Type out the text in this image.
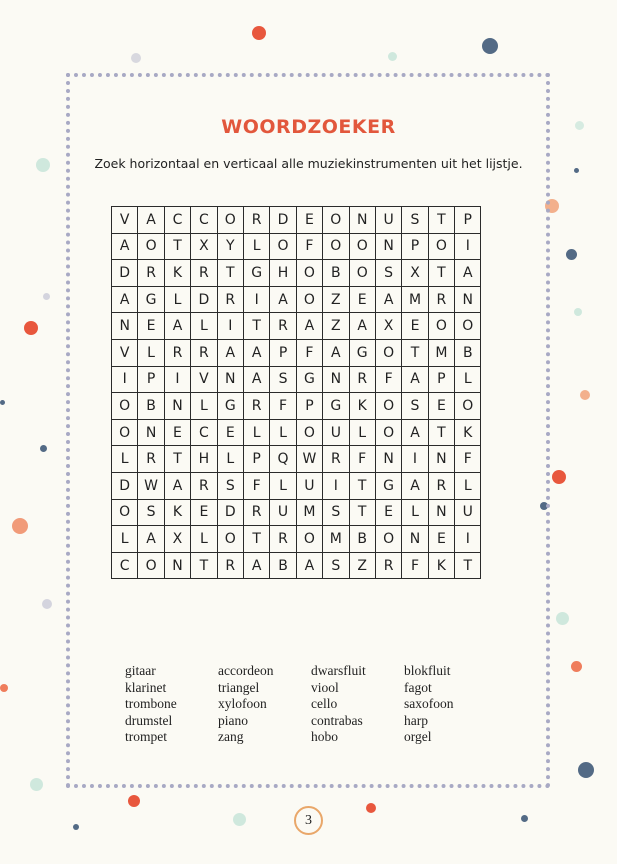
WOORDZOEKER
Zoek horizontaal en verticaal alle muziekinstrumenten uit het lijstje.
V	A	C	C	O	R	D	E	O	N	U	S	T	P
A	O	T	X	Y	L	O	F	O	O	N	P	O	I
D	R	K	R	T	G	H	O	B	O	S	X	T	A
A	G	L	D	R	I	A	O	Z	E	A	M	R	N
N	E	A	L	I	T	R	A	Z	A	X	E	O	O
V	L	R	R	A	A	P	F	A	G	O	T	M	B
I	P	I	V	N	A	S	G	N	R	F	A	P	L
O	B	N	L	G	R	F	P	G	K	O	S	E	O
O	N	E	C	E	L	L	O	U	L	O	A	T	K
L	R	T	H	L	P	Q	W	R	F	N	I	N	F
D	W	A	R	S	F	L	U	I	T	G	A	R	L
O	S	K	E	D	R	U	M	S	T	E	L	N	U
L	A	X	L	O	T	R	O	M	B	O	N	E	I
C	O	N	T	R	A	B	A	S	Z	R	F	K	T
gitaar
klarinet
trombone
drumstel
trompet
accordeon
triangel
xylofoon
piano
zang
dwarsfluit
viool
cello
contrabas
hobo
blokfluit
fagot
saxofoon
harp
orgel
3
